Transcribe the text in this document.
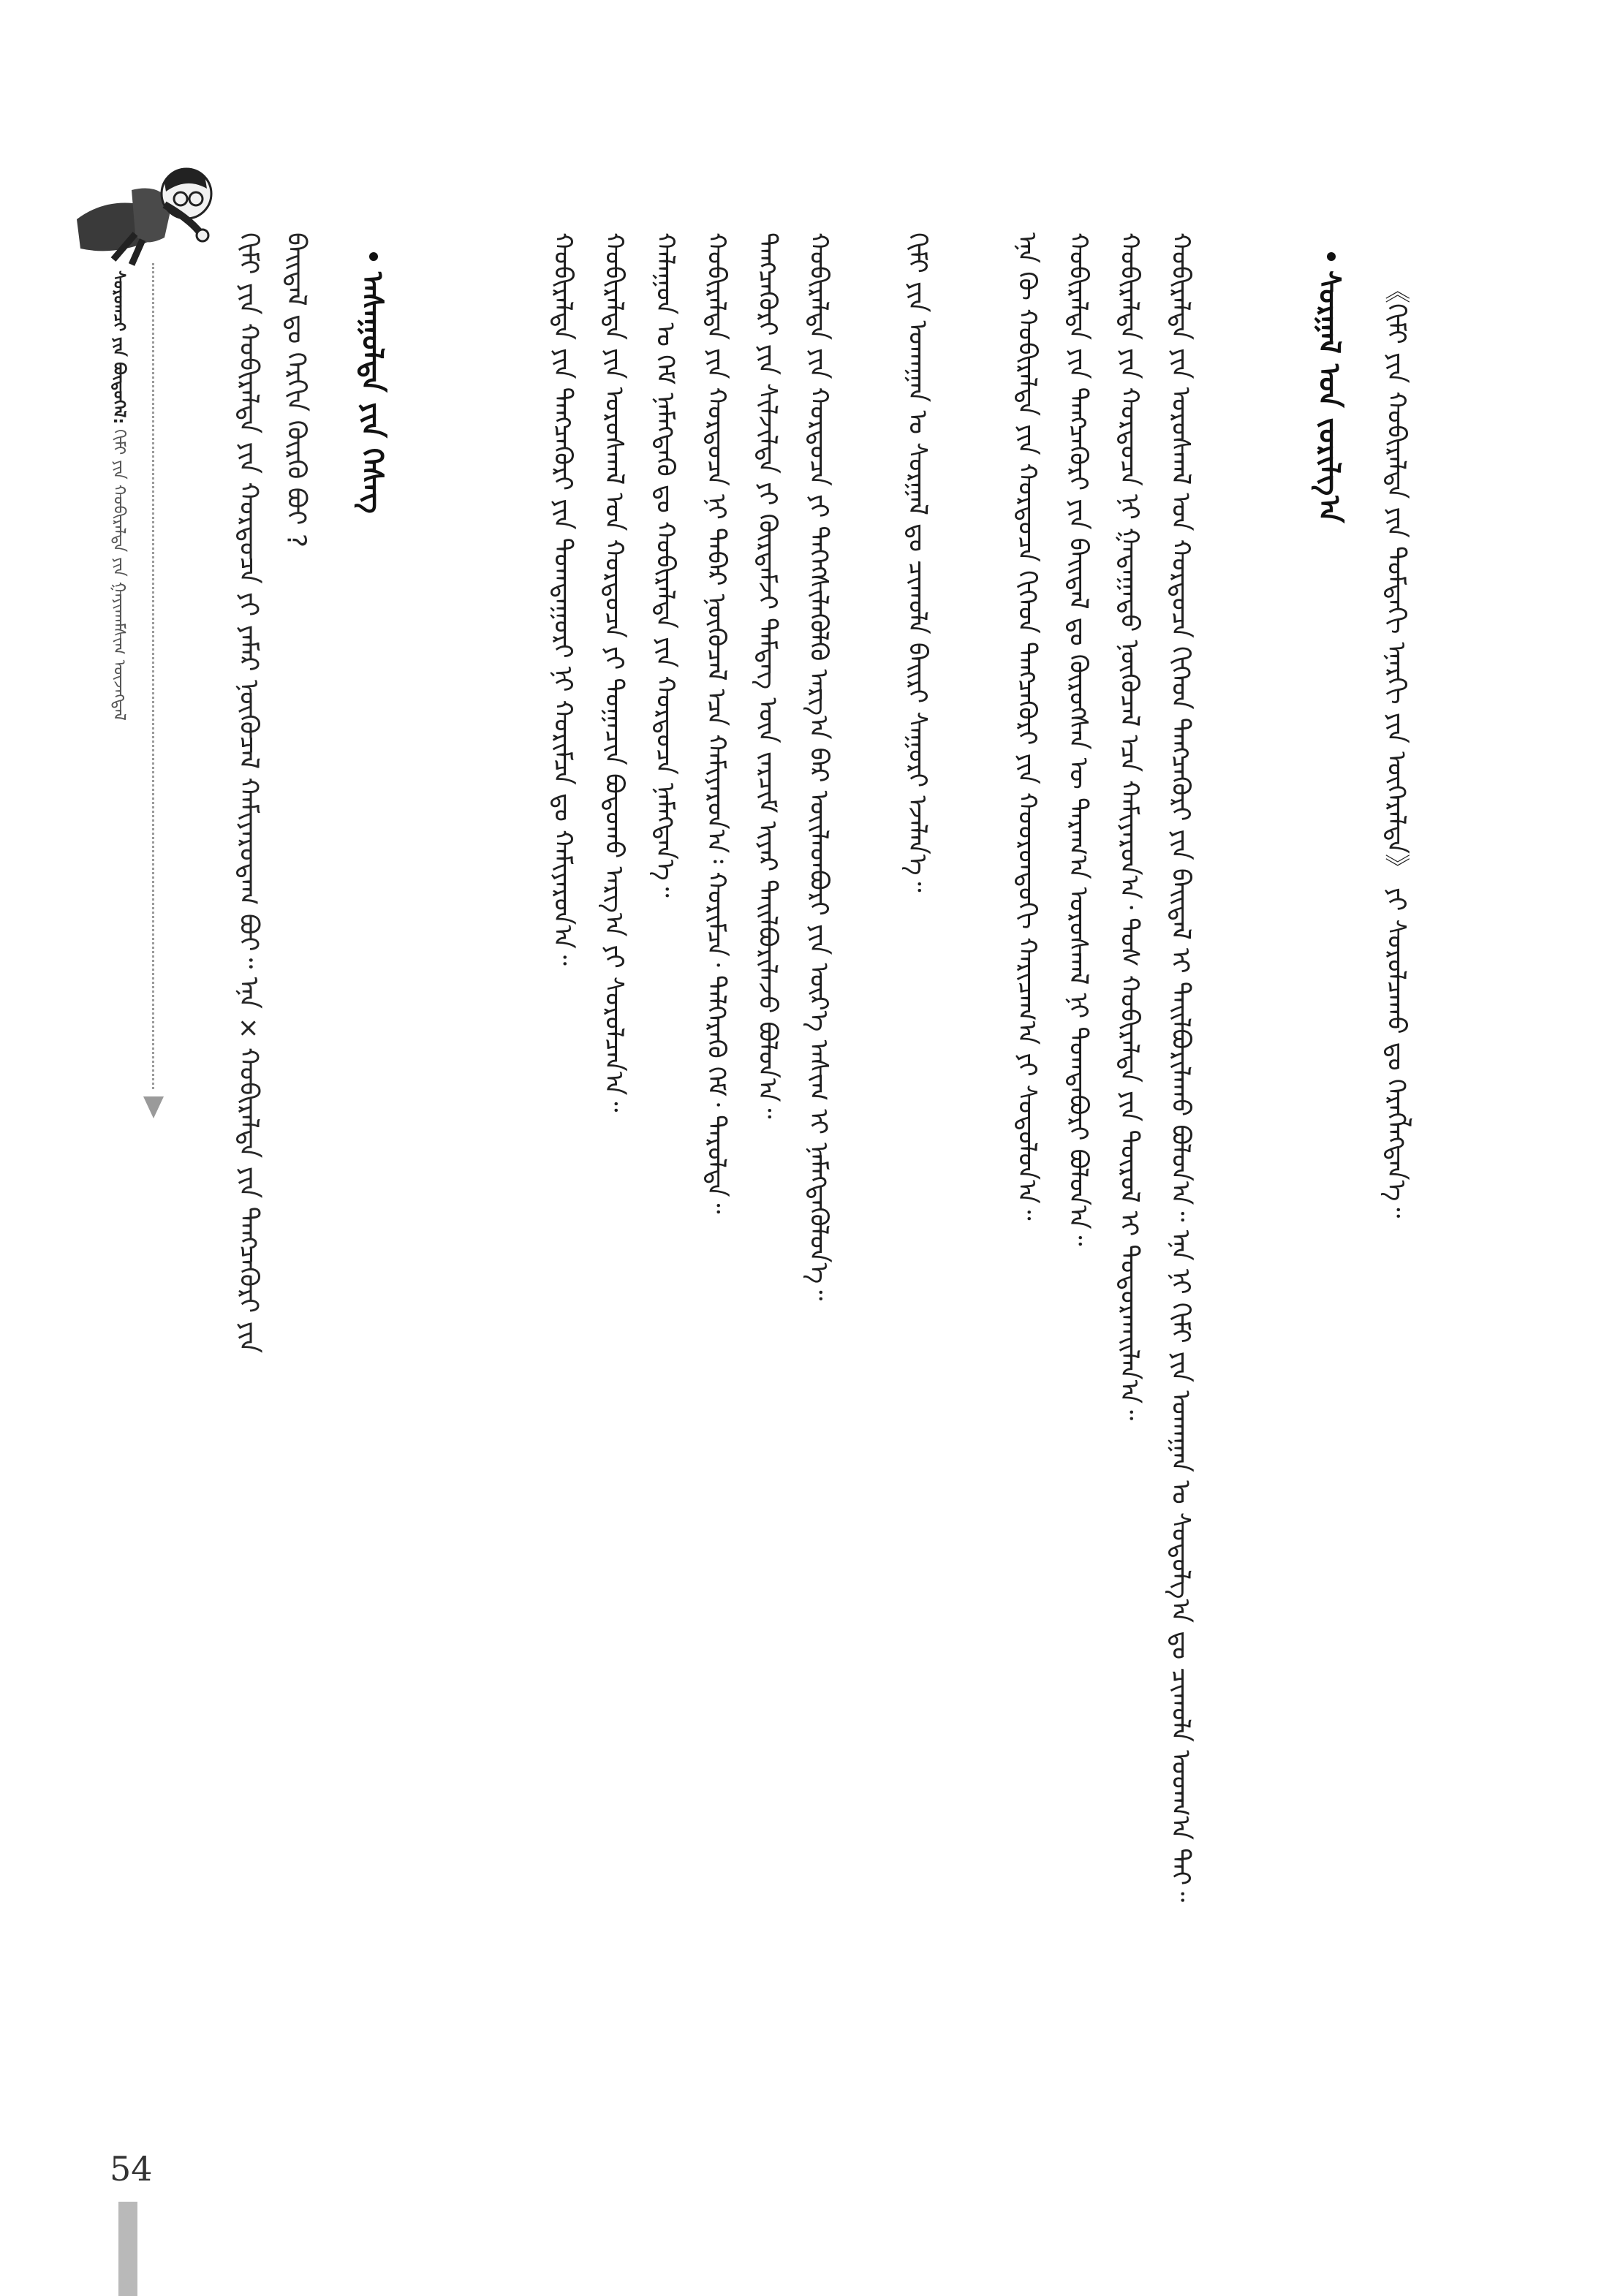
ᠰᠤᠷᠤᠭᠴᠢ ᠶᠢᠨ ᠪᠦᠲᠦᠭᠡᠯ: ᠬᠢᠮᠢ ᠶᠢᠨ ᠬᠤᠪᠢᠷᠠᠯᠲᠠ ᠶᠢᠨ ᠭᠠᠶᠢᠬᠠᠮᠰᠢᠭ ᠦᠵᠡᠭᠳᠡᠯ	《ᠬᠢᠮᠢ ᠶᠢᠨ ᠬᠤᠪᠢᠷᠠᠯᠲᠠ ᠶᠢᠨ ᠳᠤᠮᠳᠠᠬᠢ ᠡᠨᠡᠷᠭᠢ ᠶᠢᠨ ᠥᠭᠡᠷᠡᠯᠲᠡ》 ᠶᠢ ᠰᠤᠷᠤᠯᠴᠠᠬᠤ ᠳᠤ ᠬᠡᠷᠡᠭᠯᠡᠭᠳᠡᠨ᠎ᠡ᠃
ᠰᠤᠷᠭᠠᠯ ᠤᠨ ᠵᠣᠷᠢᠯᠭ᠎ᠠ
ᠬᠤᠪᠢᠷᠠᠯᠲᠠ ᠶᠢᠨ ᠤᠷᠤᠰᠬᠠᠯ ᠤᠨ ᠬᠤᠷᠳᠤᠴᠠ ᠬᠢᠭᠡᠳ ᠲᠡᠩᠴᠡᠭᠦᠷᠢ ᠶᠢᠨ ᠪᠠᠢᠳᠠᠯ ᠢ ᠲᠠᠢᠯᠪᠤᠷᠢᠯᠠᠬᠤ ᠪᠤᠯᠤᠨ᠎ᠠ᠃ ᠡᠨᠡ ᠨᠢ ᠬᠢᠮᠢ ᠶᠢᠨ ᠤᠬᠠᠭᠠᠨ ᠤ ᠰᠤᠳᠤᠯᠭ᠎ᠠ ᠳᠤ ᠴᠢᠬᠤᠯᠠ ᠤᠳᠬ᠎ᠠ ᠲᠠᠢ᠃
ᠬᠤᠪᠢᠷᠠᠯᠲᠠ ᠶᠢᠨ ᠬᠤᠷᠳᠤᠴᠠ ᠨᠢ ᠭᠠᠳᠠᠭᠠᠳᠤ ᠨᠥᠬᠦᠴᠡᠯ ᠡᠴᠡ ᠬᠠᠮᠢᠶᠠᠷᠤᠨ᠎ᠠ᠂ ᠲᠤᠰ ᠬᠤᠪᠢᠷᠠᠯᠲᠠ ᠶᠢᠨ ᠲᠦᠷᠦᠯ ᠢ ᠲᠣᠳᠤᠷᠬᠠᠢᠯᠠᠨ᠎ᠠ᠃
ᠬᠤᠪᠢᠷᠠᠯᠲᠠ ᠶᠢᠨ ᠲᠡᠩᠴᠡᠭᠦᠷᠢ ᠶᠢᠨ ᠪᠠᠢᠳᠠᠯ ᠳᠤ ᠬᠦᠷᠦᠭᠰᠡᠨ ᠦ ᠳᠠᠷᠠᠭ᠎ᠠ ᠤᠷᠤᠰᠬᠠᠯ ᠨᠢ ᠲᠣᠭᠲᠠᠪᠤᠷᠢ ᠪᠣᠯᠤᠨ᠎ᠠ᠃
ᠡᠨᠡ ᠬᠦ ᠬᠤᠪᠢᠷᠠᠯᠲᠠ ᠶᠢᠨ ᠬᠤᠷᠳᠤᠴᠠ ᠬᠢᠭᠡᠳ ᠲᠡᠩᠴᠡᠭᠦᠷᠢ ᠶᠢᠨ ᠬᠣᠣᠷᠤᠨᠳᠤᠬᠢ ᠬᠠᠷᠢᠴᠠᠭ᠎ᠠ ᠶᠢ ᠰᠤᠳᠤᠯᠤᠨ᠎ᠠ᠃
ᠬᠢᠮᠢ ᠶᠢᠨ ᠤᠬᠠᠭᠠᠨ ᠤ ᠰᠤᠷᠭᠠᠯ ᠳᠤ ᠴᠢᠬᠤᠯᠠ ᠪᠠᠢᠷᠢ ᠰᠠᠭᠤᠷᠢ ᠡᠵᠡᠯᠡᠨ᠎ᠡ᠃
ᠬᠤᠪᠢᠷᠠᠯᠲᠠ ᠶᠢᠨ ᠬᠤᠷᠳᠤᠴᠠ ᠶᠢ ᠳᠡᠭᠡᠭᠰᠢᠯᠡᠭᠦᠯᠬᠦ ᠠᠷᠭ᠎ᠠ ᠪᠠᠷ ᠦᠢᠯᠡᠳᠪᠦᠷᠢ ᠶᠢᠨ ᠦᠷ᠎ᠡ ᠠᠰᠢᠭ ᠢ ᠨᠡᠮᠡᠭᠳᠡᠭᠦᠯᠦᠨ᠎ᠡ᠃
ᠲᠡᠩᠴᠡᠭᠦᠷᠢ ᠶᠢᠨ ᠰᠢᠯᠵᠢᠯᠲᠡ ᠶᠢ ᠬᠦᠷᠲᠡᠮᠵᠢ ᠲᠡᠮᠳᠡᠭ ᠦᠨ ᠵᠠᠷᠴᠢᠮ ᠢᠶᠠᠷ ᠲᠠᠢᠯᠪᠤᠷᠢᠯᠠᠵᠤ ᠪᠣᠯᠤᠨ᠎ᠠ᠃
ᠬᠤᠪᠢᠷᠠᠯᠲᠠ ᠶᠢᠨ ᠬᠤᠷᠳᠤᠴᠠ ᠨᠢ ᠲᠠᠪᠠᠷ ᠨᠥᠬᠦᠴᠡᠯ ᠡᠴᠡ ᠬᠠᠮᠢᠶᠠᠷᠤᠨ᠎ᠠ᠄ ᠬᠣᠷᠢᠮᠴᠠ᠂ ᠳᠡᠯᠬᠡᠷᠡᠬᠦ ᠬᠡᠮ᠂ ᠳᠠᠷᠤᠯᠲᠠ᠃
ᠬᠠᠯᠠᠭᠤᠨ ᠤ ᠬᠡᠮ ᠨᠡᠮᠡᠭᠳᠡᠬᠦ ᠳᠤ ᠬᠤᠪᠢᠷᠠᠯᠲᠠ ᠶᠢᠨ ᠬᠤᠷᠳᠤᠴᠠ ᠨᠡᠮᠡᠭᠳᠡᠨ᠎ᠡ᠃
ᠬᠤᠪᠢᠷᠠᠯᠲᠠ ᠶᠢᠨ ᠤᠷᠤᠰᠬᠠᠯ ᠤᠨ ᠬᠤᠷᠳᠤᠴᠠ ᠶᠢ ᠲᠣᠭᠠᠴᠢᠨ ᠪᠣᠳᠣᠬᠤ ᠠᠷᠭ᠎ᠠ ᠶᠢ ᠰᠤᠷᠤᠯᠴᠠᠨ᠎ᠠ᠃
ᠬᠤᠪᠢᠷᠠᠯᠲᠠ ᠶᠢᠨ ᠲᠡᠩᠴᠡᠭᠦᠷᠢ ᠶᠢᠨ ᠲᠣᠭᠲᠠᠭᠤᠷᠢ ᠨᠢ ᠬᠣᠷᠢᠮᠴᠠ ᠳᠤ ᠬᠠᠮᠢᠶᠠᠷᠤᠨ᠎ᠠ᠃
ᠠᠰᠠᠭᠤᠯᠲᠠ ᠶᠢᠨ ᠬᠡᠰᠡᠭ
ᠬᠢᠮᠢ ᠶᠢᠨ ᠬᠤᠪᠢᠷᠠᠯᠲᠠ ᠶᠢᠨ ᠬᠤᠷᠳᠤᠴᠠ ᠶᠢ ᠶᠠᠮᠠᠷ ᠨᠥᠬᠦᠴᠡᠯ ᠬᠠᠮᠢᠶᠠᠷᠤᠳᠠᠭ ᠪᠤᠢ᠃ ᠡᠨᠡ × ᠬᠤᠪᠢᠷᠠᠯᠲᠠ ᠶᠢᠨ ᠲᠡᠩᠴᠡᠭᠦᠷᠢ ᠶᠢᠨ ᠪᠠᠢᠳᠠᠯ ᠳᠤ ᠬᠡᠷᠬᠢᠨ ᠬᠦᠷᠬᠦ ᠪᠤᠢ ?
54
